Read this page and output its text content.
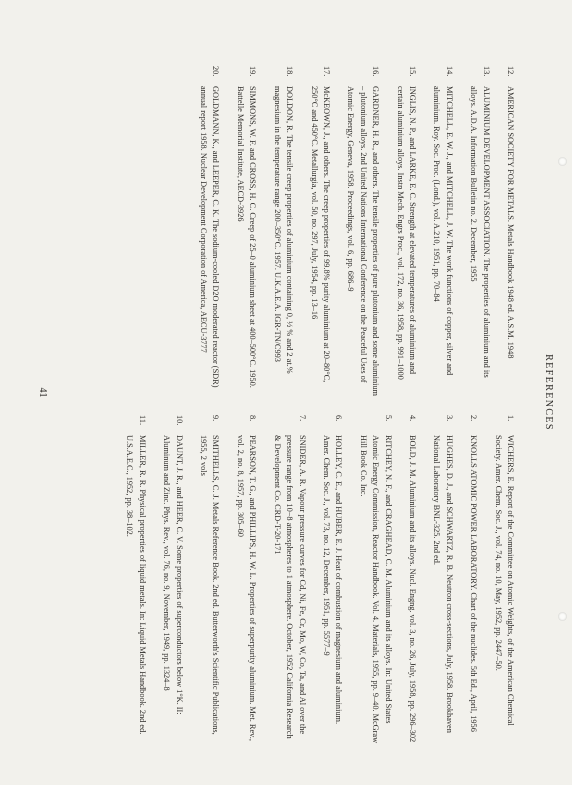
REFERENCES
1.
WICHERS, E. Report of the Committee on Atomic Weights, of the American Chemical Society. Amer. Chem. Soc. J., vol. 74, no. 10, May, 1952, pp. 2447–50.
2.
KNOLLS ATOMIC POWER LABORATORY. Chart of the nuclides. 5th Ed., April, 1956
3.
HUGHES, D. J., and SCHWARTZ, R. B. Neutron cross-sections, July, 1958. Brookhaven National Laboratory BNL-325. 2nd ed.
4.
BOLD, J. M. Aluminium and its alloys. Nucl. Engng. vol. 3, no. 26, July, 1958, pp. 296–302
5.
RITCHEY, N. F., and CRAGHEAD, C. M. Aluminium and its alloys. In: United States Atomic Energy Commission, Reactor Handbook. Vol. 4. Materials, 1955, pp. 9–40. McGraw Hill Book Co. Inc.
6.
HOLLEY, C. E., and HUBER, E. J. Heat of combustion of magnesium and aluminium. Amer. Chem. Soc. J., vol. 73, no. 12, December, 1951, pp. 5577–9
7.
SNIDER, A. R. Vapour pressure curves for Cd, Ni, Fe, Cr, Mo, W, Co, Ta, and Al over the pressure range from 10−8 atmospheres to 1 atmosphere. October, 1952 California Research & Development Co. CRD-T-20-171
8.
PEARSON, T. G., and PHILLIPS, H. W. L. Properties of superpurity aluminium. Met. Rev., vol. 2, no. 8, 1957, pp. 305–60
9.
SMITHELLS, C. J. Metals Reference Book. 2nd ed. Butterworth's Scientific Publications, 1955, 2 vols
10.
DAUNT, J. R., and HEER, C. V. Some properties of superconductors below 1°K. II: Aluminum and Zinc. Phys. Rev., vol. 76, no. 9, November, 1949, pp. 1324–8
11.
MILLER, R. R. Physical properties of liquid metals. In: Liquid Metals Handbook. 2nd ed. U.S.A.E.C., 1952, pp. 38–102.
12.
AMERICAN SOCIETY FOR METALS. Metals Handbook 1948 ed. A.S.M. 1948
13.
ALUMINIUM DEVELOPMENT ASSOCIATION. The properties of aluminium and its alloys. A.D.A. Information Bulletin no. 2. December, 1955
14.
MITCHELL, E. W. J., and MITCHELL, J. W. The work functions of copper, silver and aluminium. Roy. Soc. Proc. (Lond.), vol. A.210, 1951, pp. 70–84
15.
INGLIS, N. P., and LARKE, E. C. Strength at elevated temperatures of aluminium and certain aluminium alloys. Instn Mech. Engrs Proc., vol. 172, no. 36, 1958, pp. 991–1000
16.
GARDNER, H. R., and others. The tensile properties of pure plutonium and some aluminium – plutonium alloys. 2nd United Nations International Conference on the Peaceful Uses of Atomic Energy, Geneva, 1958. Proceedings, vol. 6, pp. 686–9
17.
McKEOWN, J., and others. The creep properties of 99.8% purity aluminium at 20–80°C, 250°C and 450°C. Metallurgia, vol. 50, no. 297, July, 1954, pp. 13–16
18.
DOLDON, R. The tensile creep properties of aluminium containing 0, ½ % and 2 at.% magnesium in the temperature range 200–350°C. 1957. U.K.A.E.A. IGR-TN/C993
19.
SIMMONS, W. F. and CROSS, H. C. Creep of 25–0 aluminium sheet at 400–500°C. 1950. Battelle Memorial Institute, AECD-3926
20.
GOLDMANN, K., and LEEPER, C. K. The sodium-cooled D2O moderated reactor (SDR) annual report 1958. Nuclear Development Corporation of America, AECU-3777
41
